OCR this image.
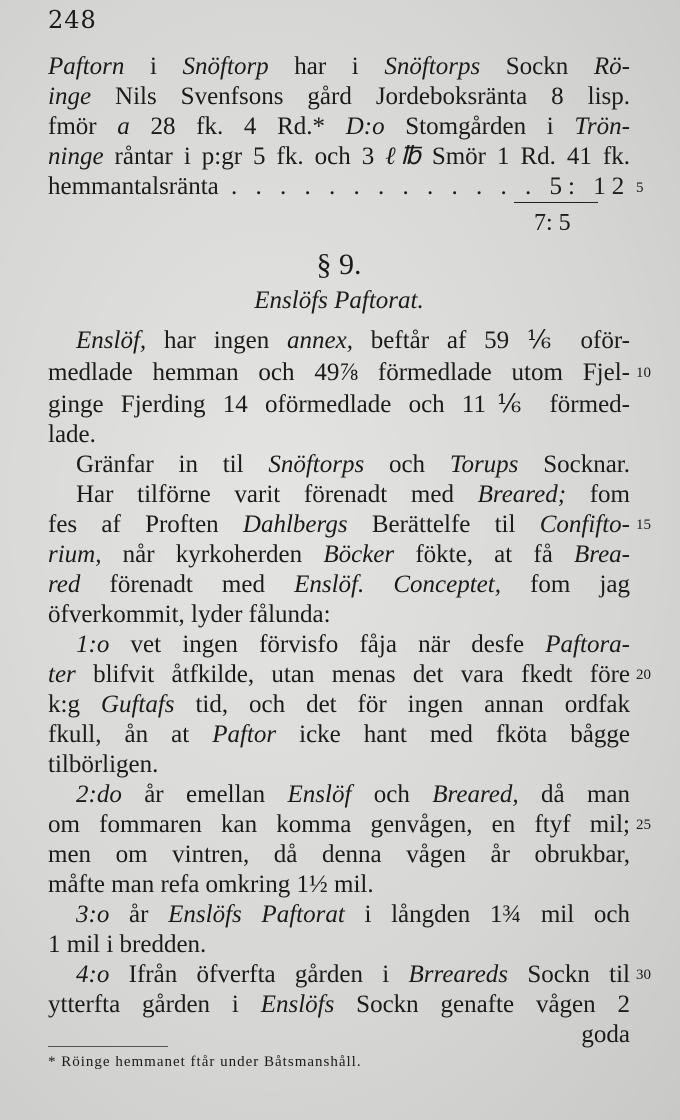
248
Paftorn i Snöftorp har i Snöftorps Sockn Rö-
inge Nils Svenfsons gård Jordeboksränta 8 lisp.
fmör a 28 fk. 4 Rd.* D:o Stomgården i Trön-
ninge råntar i p:gr 5 fk. och 3 ℓ℔ Smör 1 Rd. 41 fk.
hemmantalsränta . . . . . . . . . . . . . 5: 12 5
7: 5
§ 9.
Enslöfs Paftorat.
Enslöf, har ingen annex, beftår af 59 ⅙ oför-
medlade hemman och 49⅞ förmedlade utom Fjel- 10
ginge Fjerding 14 oförmedlade och 11⅙ förmed-
lade.
Gränfar in til Snöftorps och Torups Socknar.
Har tilförne varit förenadt med Breared; fom
fes af Proften Dahlbergs Berättelfe til Confifto- 15
rium, når kyrkoherden Böcker fökte, at få Brea-
red förenadt med Enslöf. Conceptet, fom jag
öfverkommit, lyder fålunda:
1:o vet ingen förvisfo fåja när desfe Paftora-
ter blifvit åtfkilde, utan menas det vara fkedt före 20
k:g Guftafs tid, och det för ingen annan ordfak
fkull, ån at Paftor icke hant med fköta bågge
tilbörligen.
2:do år emellan Enslöf och Breared, då man
om fommaren kan komma genvågen, en ftyf mil; 25
men om vintren, då denna vågen år obrukbar,
måfte man refa omkring 1½ mil.
3:o år Enslöfs Paftorat i långden 1¾ mil och
1 mil i bredden.
4:o Ifrån öfverfta gården i Brreareds Sockn til 30
ytterfta gården i Enslöfs Sockn genafte vågen 2
goda
* Röinge hemmanet ftår under Båtsmanshåll.
